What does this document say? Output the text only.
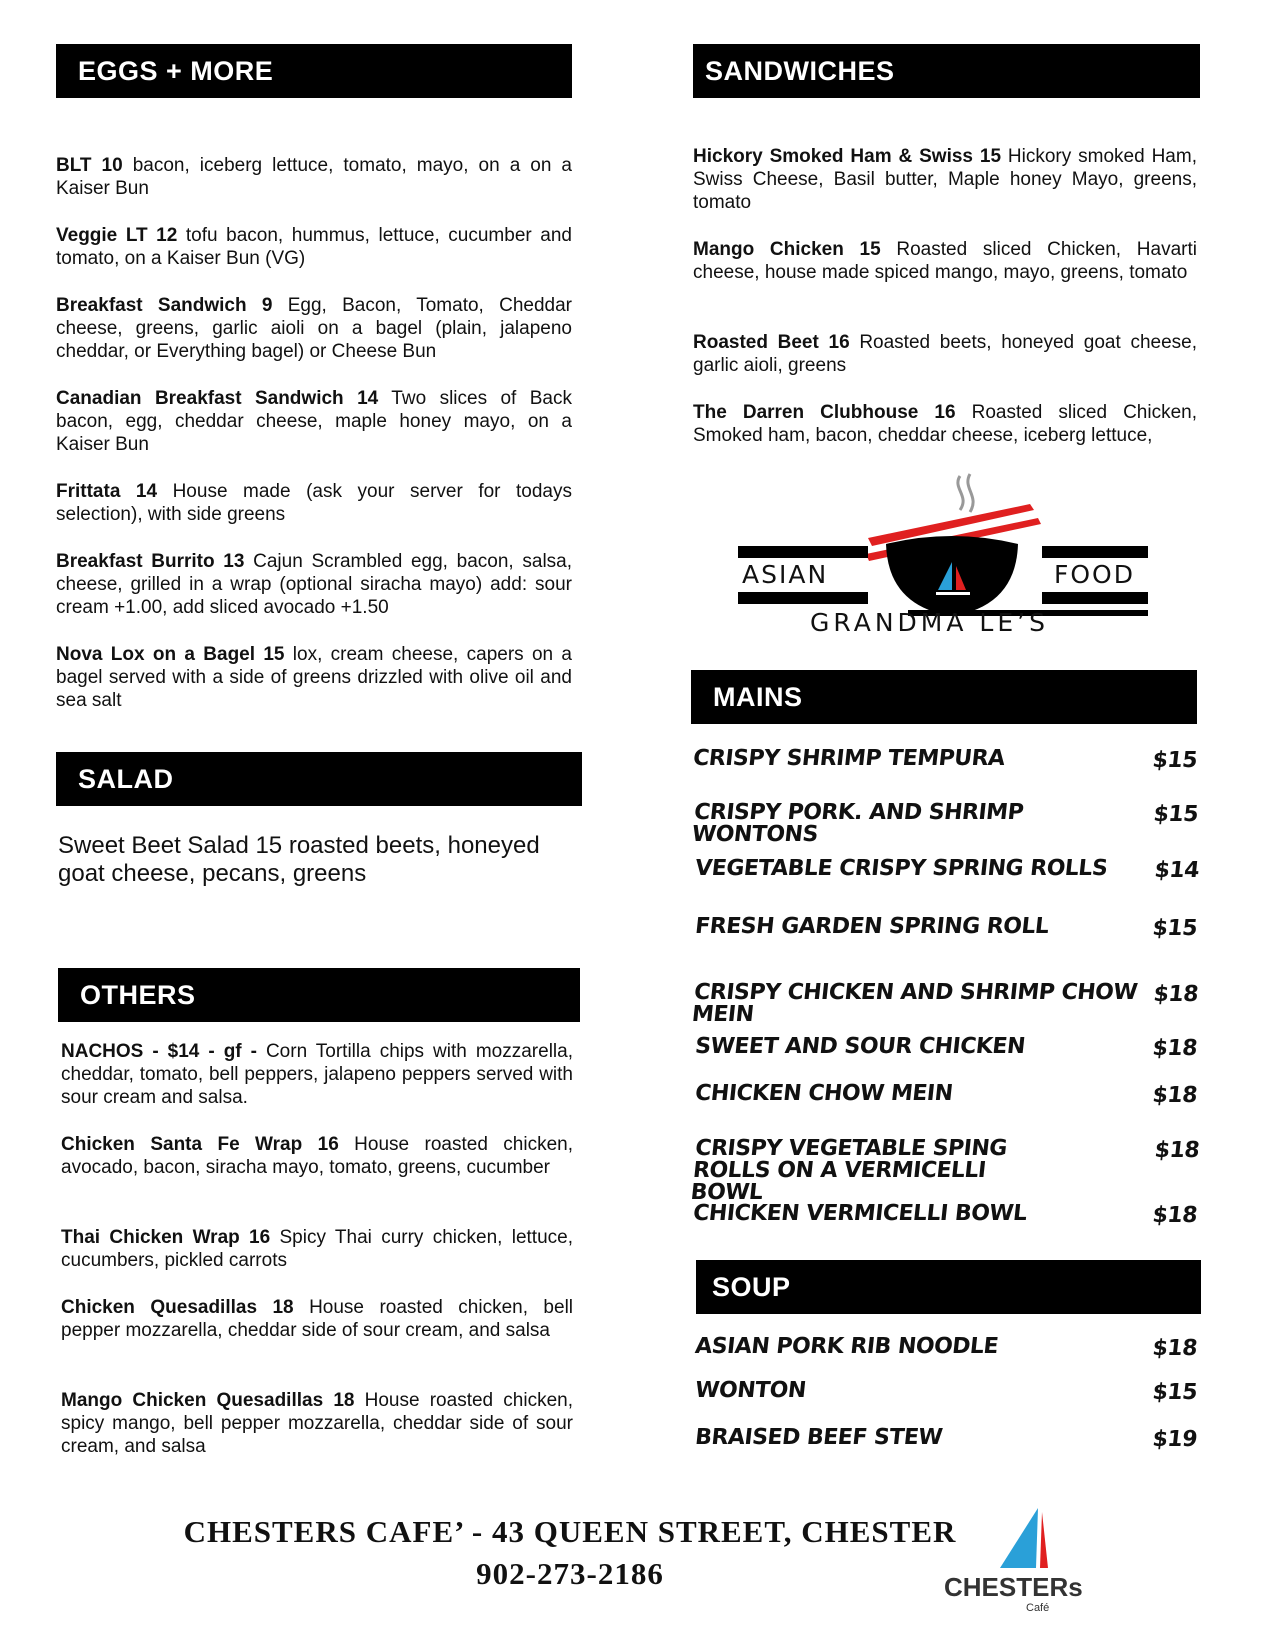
EGGS + MORE
BLT 10 bacon, iceberg lettuce, tomato, mayo, on a on a Kaiser Bun
Veggie LT 12 tofu bacon, hummus, lettuce, cucumber and tomato, on a Kaiser Bun (VG)
Breakfast Sandwich 9 Egg, Bacon, Tomato, Cheddar cheese, greens, garlic aioli on a bagel (plain, jalapeno cheddar, or Everything bagel) or Cheese Bun
Canadian Breakfast Sandwich 14 Two slices of Back bacon, egg, cheddar cheese, maple honey mayo, on a Kaiser Bun
Frittata 14 House made (ask your server for todays selection), with side greens
Breakfast Burrito 13 Cajun Scrambled egg, bacon, salsa, cheese, grilled in a wrap (optional siracha mayo) add: sour cream +1.00, add sliced avocado +1.50
Nova Lox on a Bagel 15 lox, cream cheese, capers on a bagel served with a side of greens drizzled with olive oil and sea salt
SALAD
Sweet Beet Salad 15 roasted beets, honeyed goat cheese, pecans, greens
OTHERS
NACHOS - $14 - gf - Corn Tortilla chips with mozzarella, cheddar, tomato, bell peppers, jalapeno peppers served with sour cream and salsa.
Chicken Santa Fe Wrap 16 House roasted chicken, avocado, bacon, siracha mayo, tomato, greens, cucumber
Thai Chicken Wrap 16 Spicy Thai curry chicken, lettuce, cucumbers, pickled carrots
Chicken Quesadillas 18 House roasted chicken, bell pepper mozzarella, cheddar side of sour cream, and salsa
Mango Chicken Quesadillas 18 House roasted chicken, spicy mango, bell pepper mozzarella, cheddar side of sour cream, and salsa
SANDWICHES
Hickory Smoked Ham & Swiss 15 Hickory smoked Ham, Swiss Cheese, Basil butter, Maple honey Mayo, greens, tomato
Mango Chicken 15 Roasted sliced Chicken, Havarti cheese, house made spiced mango, mayo, greens, tomato
Roasted Beet 16 Roasted beets, honeyed goat cheese, garlic aioli, greens
The Darren Clubhouse 16 Roasted sliced Chicken, Smoked ham, bacon, cheddar cheese, iceberg lettuce,
ASIAN	FOOD
GRANDMA LE’S
MAINS
CRISPY SHRIMP TEMPURA	$15
CRISPY PORK. AND SHRIMP WONTONS
$15
VEGETABLE CRISPY SPRING ROLLS $14
FRESH GARDEN SPRING ROLL	$15
CRISPY CHICKEN AND SHRIMP CHOW MEIN
$18
SWEET AND SOUR CHICKEN	$18
CHICKEN CHOW MEIN	$18
CRISPY VEGETABLE SPING ROLLS ON A VERMICELLI BOWL
$18
CHICKEN VERMICELLI BOWL	$18
SOUP
ASIAN PORK RIB NOODLE	$18
WONTON	$15
BRAISED BEEF STEW	$19
CHESTERS CAFE’ - 43 QUEEN STREET, CHESTER
902-273-2186	CHESTERs
Café
